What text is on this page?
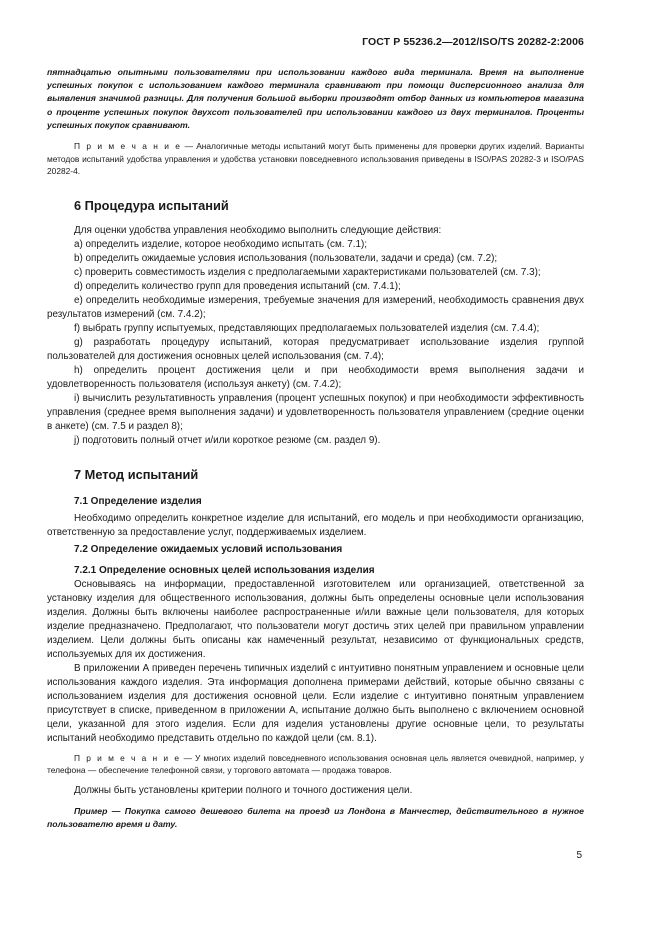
ГОСТ Р 55236.2—2012/ISO/TS 20282-2:2006

пятнадцатью опытными пользователями при использовании каждого вида терминала. Время на выполнение успешных покупок с использованием каждого терминала сравнивают при помощи дисперсионного анализа для выявления значимой разницы. Для получения большой выборки производят отбор данных из компьютеров магазина о проценте успешных покупок двухсот пользователей при использовании каждого из двух терминалов. Проценты успешных покупок сравнивают.

П р и м е ч а н и е — Аналогичные методы испытаний могут быть применены для проверки других изделий. Варианты методов испытаний удобства управления и удобства установки повседневного использования приведены в ISO/PAS 20282-3 и ISO/PAS 20282-4.

6 Процедура испытаний

Для оценки удобства управления необходимо выполнить следующие действия:

a) определить изделие, которое необходимо испытать (см. 7.1);

b) определить ожидаемые условия использования (пользователи, задачи и среда) (см. 7.2);

c) проверить совместимость изделия с предполагаемыми характеристиками пользователей (см. 7.3);

d) определить количество групп для проведения испытаний (см. 7.4.1);

e) определить необходимые измерения, требуемые значения для измерений, необходимость сравнения двух результатов измерений (см. 7.4.2);

f) выбрать группу испытуемых, представляющих предполагаемых пользователей изделия (см. 7.4.4);

g) разработать процедуру испытаний, которая предусматривает использование изделия группой пользователей для достижения основных целей использования (см. 7.4);

h) определить процент достижения цели и при необходимости время выполнения задачи и удовлетворенность пользователя (используя анкету) (см. 7.4.2);

i) вычислить результативность управления (процент успешных покупок) и при необходимости эффективность управления (среднее время выполнения задачи) и удовлетворенность пользователя управлением (средние оценки в анкете) (см. 7.5 и раздел 8);

j) подготовить полный отчет и/или короткое резюме (см. раздел 9).

7 Метод испытаний
7.1 Определение изделия

Необходимо определить конкретное изделие для испытаний, его модель и при необходимости организацию, ответственную за предоставление услуг, поддерживаемых изделием.

7.2 Определение ожидаемых условий использования
7.2.1 Определение основных целей использования изделия

Основываясь на информации, предоставленной изготовителем или организацией, ответственной за установку изделия для общественного использования, должны быть определены основные цели использования изделия. Должны быть включены наиболее распространенные и/или важные цели пользователя, для которых изделие предназначено. Предполагают, что пользователи могут достичь этих целей при правильном управлении изделием. Цели должны быть описаны как намеченный результат, независимо от функциональных средств, используемых для их достижения.

В приложении А приведен перечень типичных изделий с интуитивно понятным управлением и основные цели использования каждого изделия. Эта информация дополнена примерами действий, которые обычно связаны с использованием изделия для достижения основной цели. Если изделие с интуитивно понятным управлением присутствует в списке, приведенном в приложении А, испытание должно быть выполнено с включением основной цели, указанной для этого изделия. Если для изделия установлены другие основные цели, то результаты испытаний необходимо представить отдельно по каждой цели (см. 8.1).

П р и м е ч а н и е — У многих изделий повседневного использования основная цель является очевидной, например, у телефона — обеспечение телефонной связи, у торгового автомата — продажа товаров.

Должны быть установлены критерии полного и точного достижения цели.

Пример — Покупка самого дешевого билета на проезд из Лондона в Манчестер, действительного в нужное пользователю время и дату.

5
